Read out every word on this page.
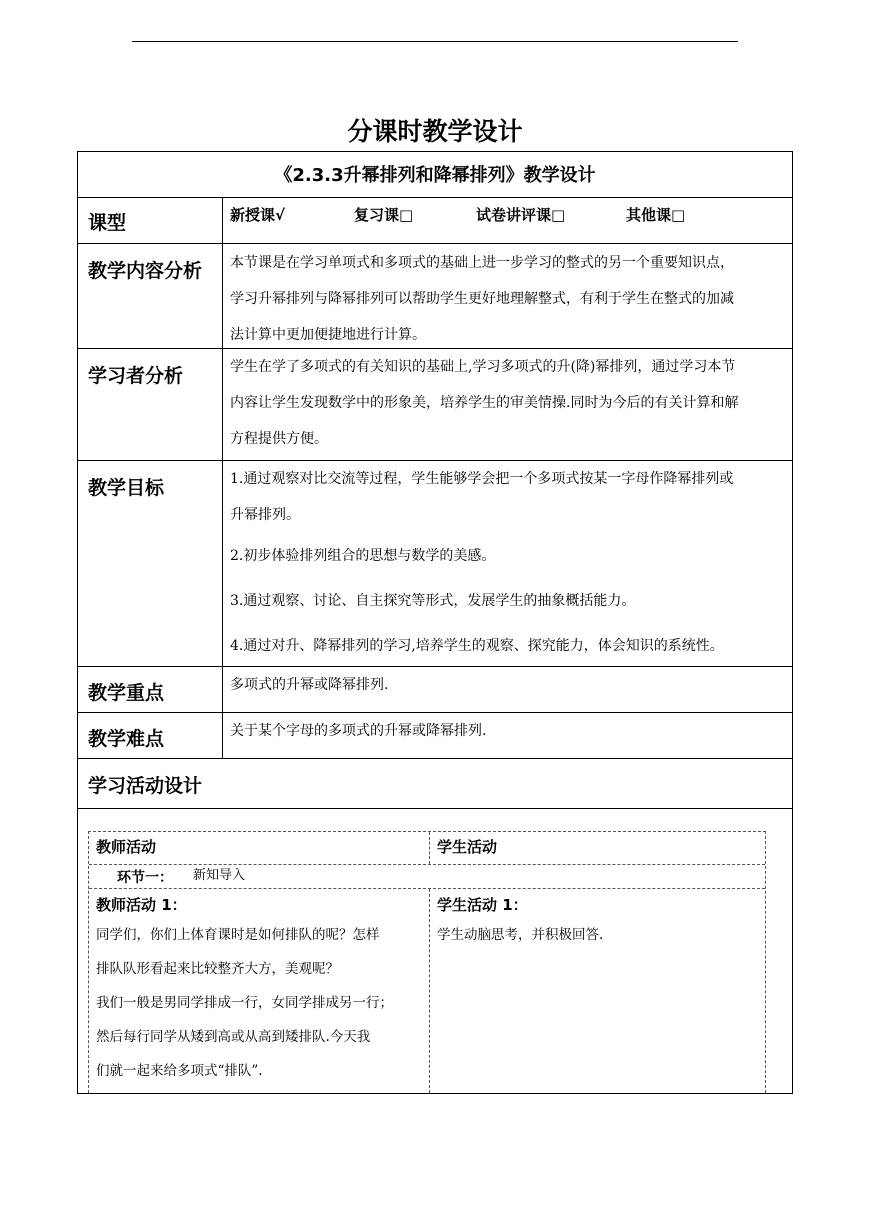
分课时教学设计
《2.3.3升幂排列和降幂排列》教学设计
课型	新授课√	复习课□	试卷讲评课□	其他课□
教学内容分析 本节课是在学习单项式和多项式的基础上进一步学习的整式的另一个重要知识点，
学习升幂排列与降幂排列可以帮助学生更好地理解整式，有利于学生在整式的加减
法计算中更加便捷地进行计算。
学习者分析	学生在学了多项式的有关知识的基础上,学习多项式的升(降)幂排列，通过学习本节
内容让学生发现数学中的形象美，培养学生的审美情操.同时为今后的有关计算和解
方程提供方便。
教学目标	1.通过观察对比交流等过程，学生能够学会把一个多项式按某一字母作降幂排列或
升幂排列。
2.初步体验排列组合的思想与数学的美感。
3.通过观察、讨论、自主探究等形式，发展学生的抽象概括能力。
4.通过对升、降幂排列的学习,培养学生的观察、探究能力，体会知识的系统性。
教学重点	多项式的升幂或降幂排列.
教学难点	关于某个字母的多项式的升幂或降幂排列.
学习活动设计
教师活动	学生活动
环节一： 新知导入
教师活动 1：
同学们，你们上体育课时是如何排队的呢？怎样
排队队形看起来比较整齐大方，美观呢？
我们一般是男同学排成一行，女同学排成另一行；
然后每行同学从矮到高或从高到矮排队.今天我
们就一起来给多项式“排队”.
学生活动 1：
学生动脑思考，并积极回答.
